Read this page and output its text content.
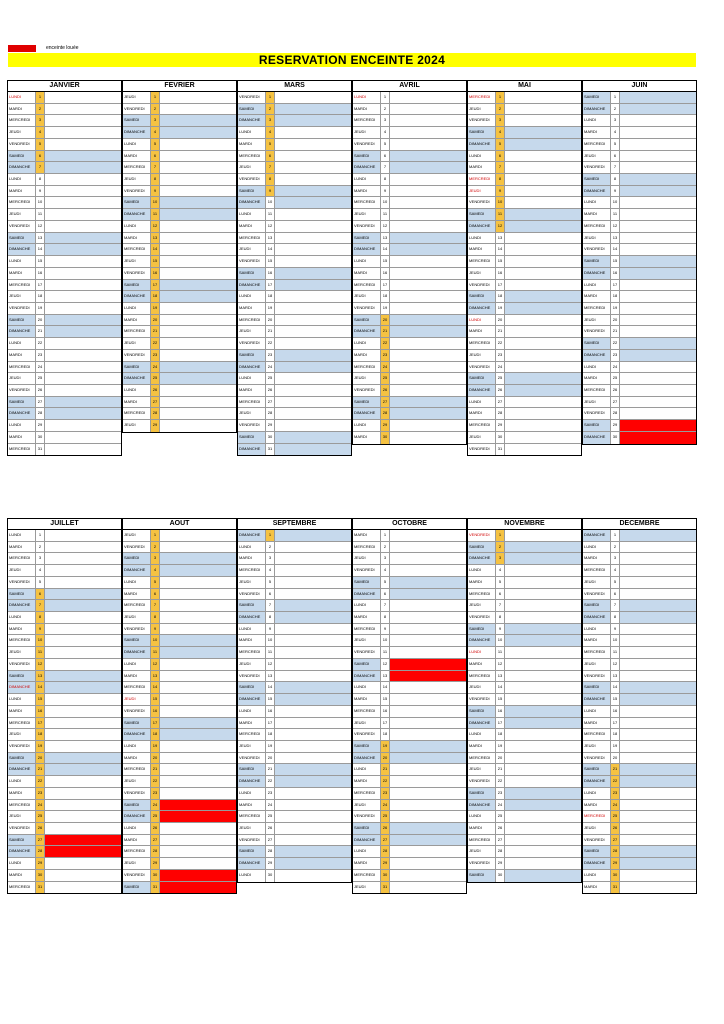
enceinte louée
RESERVATION ENCEINTE 2024
JANVIER
LUNDI	1
MARDI	2
MERCREDI	3
JEUDI	4
VENDREDI	5
SAMEDI	6
DIMANCHE	7
LUNDI	8
MARDI	9
MERCREDI	10
JEUDI	11
VENDREDI	12
SAMEDI	13
DIMANCHE	14
LUNDI	15
MARDI	16
MERCREDI	17
JEUDI	18
VENDREDI	19
SAMEDI	20
DIMANCHE	21
LUNDI	22
MARDI	23
MERCREDI	24
JEUDI	25
VENDREDI	26
SAMEDI	27
DIMANCHE	28
LUNDI	29
MARDI	30
MERCREDI	31
FEVRIER
JEUDI	1
VENDREDI	2
SAMEDI	3
DIMANCHE	4
LUNDI	5
MARDI	6
MERCREDI	7
JEUDI	8
VENDREDI	9
SAMEDI	10
DIMANCHE	11
LUNDI	12
MARDI	13
MERCREDI	14
JEUDI	15
VENDREDI	16
SAMEDI	17
DIMANCHE	18
LUNDI	19
MARDI	20
MERCREDI	21
JEUDI	22
VENDREDI	23
SAMEDI	24
DIMANCHE	25
LUNDI	26
MARDI	27
MERCREDI	28
JEUDI	29
MARS
VENDREDI	1
SAMEDI	2
DIMANCHE	3
LUNDI	4
MARDI	5
MERCREDI	6
JEUDI	7
VENDREDI	8
SAMEDI	9
DIMANCHE	10
LUNDI	11
MARDI	12
MERCREDI	13
JEUDI	14
VENDREDI	15
SAMEDI	16
DIMANCHE	17
LUNDI	18
MARDI	19
MERCREDI	20
JEUDI	21
VENDREDI	22
SAMEDI	23
DIMANCHE	24
LUNDI	25
MARDI	26
MERCREDI	27
JEUDI	28
VENDREDI	29
SAMEDI	30
DIMANCHE	31
AVRIL
LUNDI	1
MARDI	2
MERCREDI	3
JEUDI	4
VENDREDI	5
SAMEDI	6
DIMANCHE	7
LUNDI	8
MARDI	9
MERCREDI	10
JEUDI	11
VENDREDI	12
SAMEDI	13
DIMANCHE	14
LUNDI	15
MARDI	16
MERCREDI	17
JEUDI	18
VENDREDI	19
SAMEDI	20
DIMANCHE	21
LUNDI	22
MARDI	23
MERCREDI	24
JEUDI	25
VENDREDI	26
SAMEDI	27
DIMANCHE	28
LUNDI	29
MARDI	30
MAI
MERCREDI	1
JEUDI	2
VENDREDI	3
SAMEDI	4
DIMANCHE	5
LUNDI	6
MARDI	7
MERCREDI	8
JEUDI	9
VENDREDI	10
SAMEDI	11
DIMANCHE	12
LUNDI	13
MARDI	14
MERCREDI	15
JEUDI	16
VENDREDI	17
SAMEDI	18
DIMANCHE	19
LUNDI	20
MARDI	21
MERCREDI	22
JEUDI	23
VENDREDI	24
SAMEDI	25
DIMANCHE	26
LUNDI	27
MARDI	28
MERCREDI	29
JEUDI	30
VENDREDI	31
JUIN
SAMEDI	1
DIMANCHE	2
LUNDI	3
MARDI	4
MERCREDI	5
JEUDI	6
VENDREDI	7
SAMEDI	8
DIMANCHE	9
LUNDI	10
MARDI	11
MERCREDI	12
JEUDI	13
VENDREDI	14
SAMEDI	15
DIMANCHE	16
LUNDI	17
MARDI	18
MERCREDI	19
JEUDI	20
VENDREDI	21
SAMEDI	22
DIMANCHE	23
LUNDI	24
MARDI	25
MERCREDI	26
JEUDI	27
VENDREDI	28
SAMEDI	29
DIMANCHE	30
JUILLET
LUNDI	1
MARDI	2
MERCREDI	3
JEUDI	4
VENDREDI	5
SAMEDI	6
DIMANCHE	7
LUNDI	8
MARDI	9
MERCREDI	10
JEUDI	11
VENDREDI	12
SAMEDI	13
DIMANCHE	14
LUNDI	15
MARDI	16
MERCREDI	17
JEUDI	18
VENDREDI	19
SAMEDI	20
DIMANCHE	21
LUNDI	22
MARDI	23
MERCREDI	24
JEUDI	25
VENDREDI	26
SAMEDI	27
DIMANCHE	28
LUNDI	29
MARDI	30
MERCREDI	31
AOUT
JEUDI	1
VENDREDI	2
SAMEDI	3
DIMANCHE	4
LUNDI	5
MARDI	6
MERCREDI	7
JEUDI	8
VENDREDI	9
SAMEDI	10
DIMANCHE	11
LUNDI	12
MARDI	13
MERCREDI	14
JEUDI	15
VENDREDI	16
SAMEDI	17
DIMANCHE	18
LUNDI	19
MARDI	20
MERCREDI	21
JEUDI	22
VENDREDI	23
SAMEDI	24
DIMANCHE	25
LUNDI	26
MARDI	27
MERCREDI	28
JEUDI	29
VENDREDI	30
SAMEDI	31
SEPTEMBRE
DIMANCHE	1
LUNDI	2
MARDI	3
MERCREDI	4
JEUDI	5
VENDREDI	6
SAMEDI	7
DIMANCHE	8
LUNDI	9
MARDI	10
MERCREDI	11
JEUDI	12
VENDREDI	13
SAMEDI	14
DIMANCHE	15
LUNDI	16
MARDI	17
MERCREDI	18
JEUDI	19
VENDREDI	20
SAMEDI	21
DIMANCHE	22
LUNDI	23
MARDI	24
MERCREDI	25
JEUDI	26
VENDREDI	27
SAMEDI	28
DIMANCHE	29
LUNDI	30
OCTOBRE
MARDI	1
MERCREDI	2
JEUDI	3
VENDREDI	4
SAMEDI	5
DIMANCHE	6
LUNDI	7
MARDI	8
MERCREDI	9
JEUDI	10
VENDREDI	11
SAMEDI	12
DIMANCHE	13
LUNDI	14
MARDI	15
MERCREDI	16
JEUDI	17
VENDREDI	18
SAMEDI	19
DIMANCHE	20
LUNDI	21
MARDI	22
MERCREDI	23
JEUDI	24
VENDREDI	25
SAMEDI	26
DIMANCHE	27
LUNDI	28
MARDI	29
MERCREDI	30
JEUDI	31
NOVEMBRE
VENDREDI	1
SAMEDI	2
DIMANCHE	3
LUNDI	4
MARDI	5
MERCREDI	6
JEUDI	7
VENDREDI	8
SAMEDI	9
DIMANCHE	10
LUNDI	11
MARDI	12
MERCREDI	13
JEUDI	14
VENDREDI	15
SAMEDI	16
DIMANCHE	17
LUNDI	18
MARDI	19
MERCREDI	20
JEUDI	21
VENDREDI	22
SAMEDI	23
DIMANCHE	24
LUNDI	25
MARDI	26
MERCREDI	27
JEUDI	28
VENDREDI	29
SAMEDI	30
DECEMBRE
DIMANCHE	1
LUNDI	2
MARDI	3
MERCREDI	4
JEUDI	5
VENDREDI	6
SAMEDI	7
DIMANCHE	8
LUNDI	9
MARDI	10
MERCREDI	11
JEUDI	12
VENDREDI	13
SAMEDI	14
DIMANCHE	15
LUNDI	16
MARDI	17
MERCREDI	18
JEUDI	19
VENDREDI	20
SAMEDI	21
DIMANCHE	22
LUNDI	23
MARDI	24
MERCREDI	25
JEUDI	26
VENDREDI	27
SAMEDI	28
DIMANCHE	29
LUNDI	30
MARDI	31
